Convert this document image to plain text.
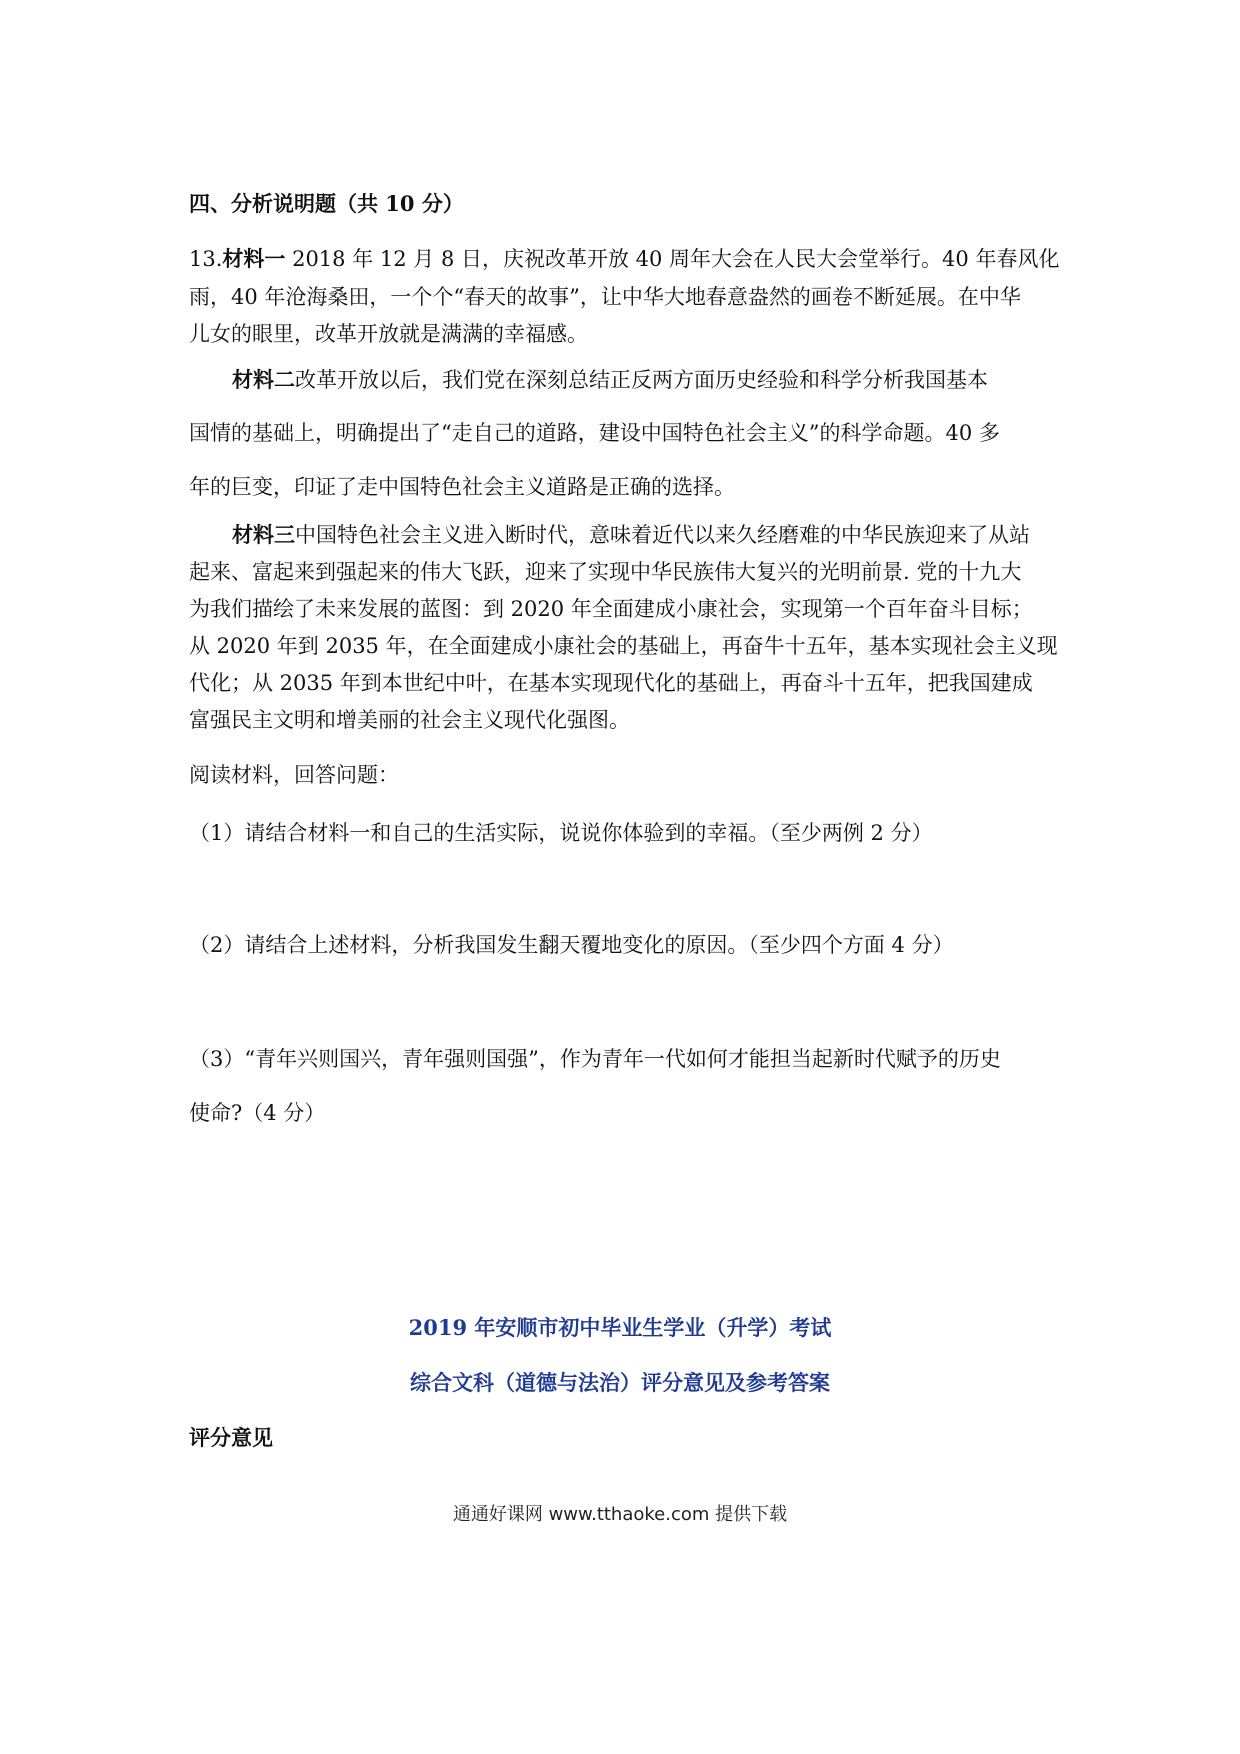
四、分析说明题（共 10 分）
13.材料一 2018 年 12 月 8 日，庆祝改革开放 40 周年大会在人民大会堂举行。40 年春风化
雨，40 年沧海桑田，一个个“春天的故事”，让中华大地春意盎然的画卷不断延展。在中华
儿女的眼里，改革开放就是满满的幸福感。
材料二改革开放以后，我们党在深刻总结正反两方面历史经验和科学分析我国基本
国情的基础上，明确提出了“走自己的道路，建设中国特色社会主义”的科学命题。40 多
年的巨变，印证了走中国特色社会主义道路是正确的选择。
材料三中国特色社会主义进入断时代，意味着近代以来久经磨难的中华民族迎来了从站
起来、富起来到强起来的伟大飞跃，迎来了实现中华民族伟大复兴的光明前景. 党的十九大
为我们描绘了未来发展的蓝图：到 2020 年全面建成小康社会，实现第一个百年奋斗目标；
从 2020 年到 2035 年，在全面建成小康社会的基础上，再奋牛十五年，基本实现社会主义现
代化；从 2035 年到本世纪中叶，在基本实现现代化的基础上，再奋斗十五年，把我国建成
富强民主文明和增美丽的社会主义现代化强图。
阅读材料，回答问题：
（1）请结合材料一和自己的生活实际，说说你体验到的幸福。（至少两例 2 分）
（2）请结合上述材料，分析我国发生翻天覆地变化的原因。（至少四个方面 4 分）
（3）“青年兴则国兴，青年强则国强”，作为青年一代如何才能担当起新时代赋予的历史
使命?（4 分）
2019 年安顺市初中毕业生学业（升学）考试
综合文科（道德与法治）评分意见及参考答案
评分意见
通通好课网 www.tthaoke.com 提供下载
